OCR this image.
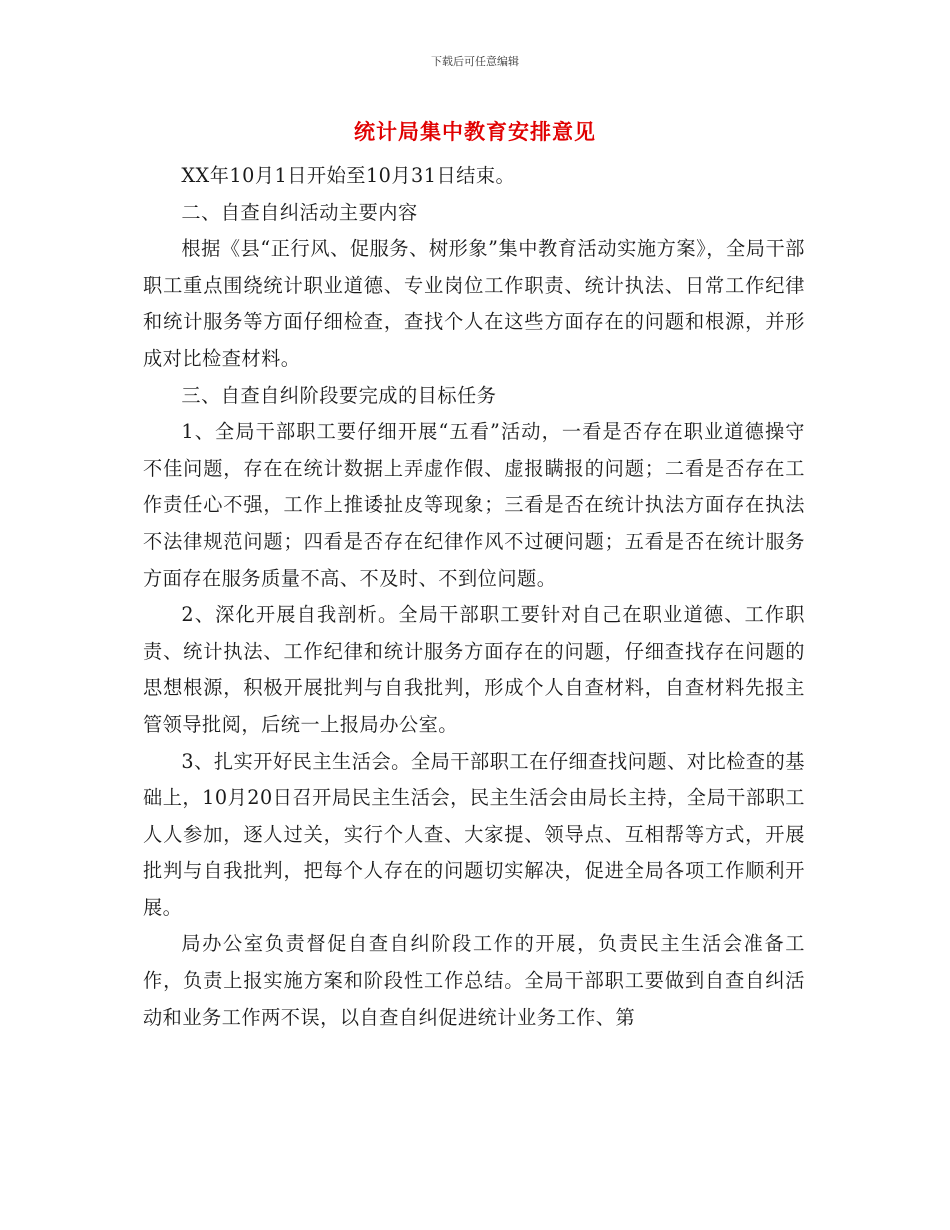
下载后可任意编辑
统计局集中教育安排意见

XX年10月1日开始至10月31日结束。

二、自查自纠活动主要内容

根据《县“正行风、促服务、树形象”集中教育活动实施方案》，全局干部职工重点围绕统计职业道德、专业岗位工作职责、统计执法、日常工作纪律和统计服务等方面仔细检查，查找个人在这些方面存在的问题和根源，并形成对比检查材料。

三、自查自纠阶段要完成的目标任务

1、全局干部职工要仔细开展“五看”活动，一看是否存在职业道德操守不佳问题，存在在统计数据上弄虚作假、虚报瞒报的问题；二看是否存在工作责任心不强，工作上推诿扯皮等现象；三看是否在统计执法方面存在执法不法律规范问题；四看是否存在纪律作风不过硬问题；五看是否在统计服务方面存在服务质量不高、不及时、不到位问题。

2、深化开展自我剖析。全局干部职工要针对自己在职业道德、工作职责、统计执法、工作纪律和统计服务方面存在的问题，仔细查找存在问题的思想根源，积极开展批判与自我批判，形成个人自查材料，自查材料先报主管领导批阅，后统一上报局办公室。

3、扎实开好民主生活会。全局干部职工在仔细查找问题、对比检查的基础上，10月20日召开局民主生活会，民主生活会由局长主持，全局干部职工人人参加，逐人过关，实行个人查、大家提、领导点、互相帮等方式，开展批判与自我批判，把每个人存在的问题切实解决，促进全局各项工作顺利开展。

局办公室负责督促自查自纠阶段工作的开展，负责民主生活会准备工作，负责上报实施方案和阶段性工作总结。全局干部职工要做到自查自纠活动和业务工作两不误，以自查自纠促进统计业务工作、第
